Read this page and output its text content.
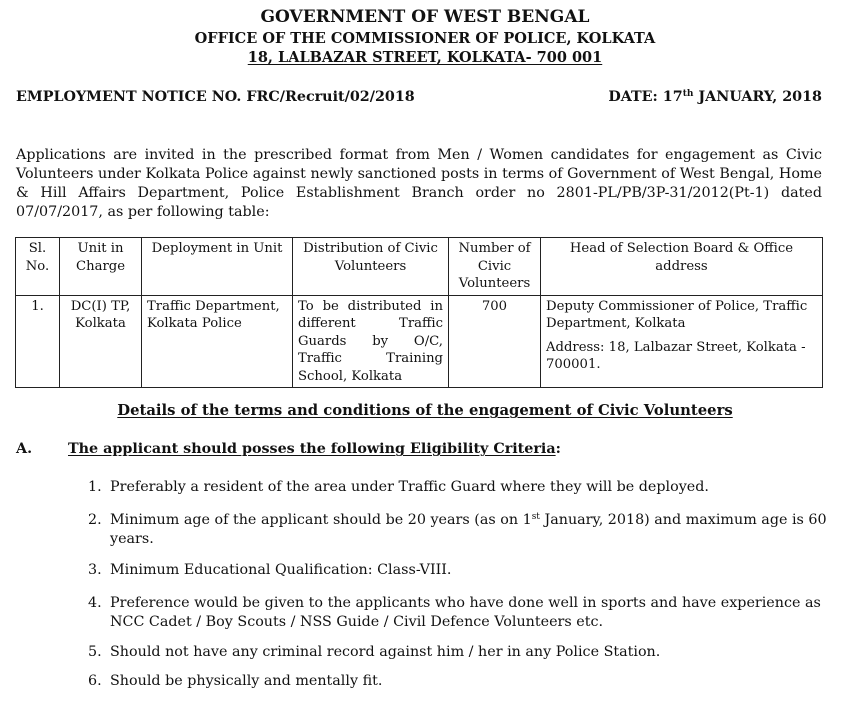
GOVERNMENT OF WEST BENGAL
OFFICE OF THE COMMISSIONER OF POLICE, KOLKATA
18, LALBAZAR STREET, KOLKATA- 700 001
EMPLOYMENT NOTICE NO. FRC/Recruit/02/2018	DATE: 17th JANUARY, 2018
Applications are invited in the prescribed format from Men / Women candidates for engagement as Civic Volunteers under Kolkata Police against newly sanctioned posts in terms of Government of West Bengal, Home & Hill Affairs Department, Police Establishment Branch order no 2801-PL/PB/3P-31/2012(Pt-1) dated 07/07/2017, as per following table:
Sl. No.	Unit in Charge	Deployment in Unit	Distribution of Civic Volunteers	Number of Civic Volunteers	Head of Selection Board & Office address
1.	DC(I) TP, Kolkata	Traffic Department, Kolkata Police	To be distributed in different Traffic Guards by O/C, Traffic Training School, Kolkata	700	Deputy Commissioner of Police, Traffic Department, Kolkata
Address: 18, Lalbazar Street, Kolkata - 700001.
Details of the terms and conditions of the engagement of Civic Volunteers
A.	The applicant should posses the following Eligibility Criteria:
1. Preferably a resident of the area under Traffic Guard where they will be deployed.
2. Minimum age of the applicant should be 20 years (as on 1st January, 2018) and maximum age is 60 years.
3. Minimum Educational Qualification: Class-VIII.
4. Preference would be given to the applicants who have done well in sports and have experience as NCC Cadet / Boy Scouts / NSS Guide / Civil Defence Volunteers etc.
5. Should not have any criminal record against him / her in any Police Station.
6. Should be physically and mentally fit.
